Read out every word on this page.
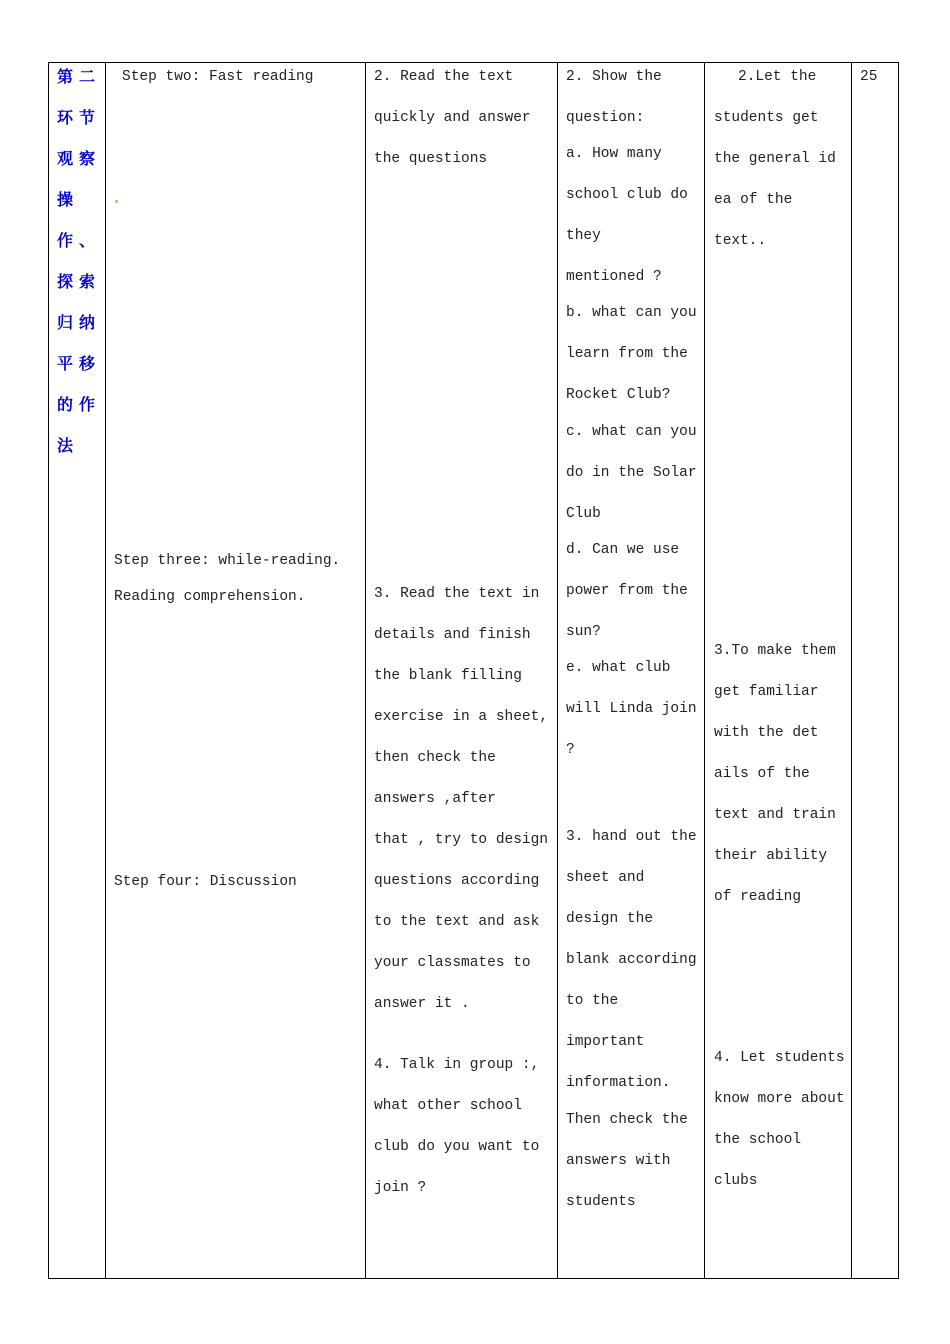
第二
环节
观察
操
作、
探索
归纳
平移
的作
法
Step two: Fast reading
Step three: while-reading.
Reading comprehension.
Step four: Discussion
2. Read the text
quickly and answer
the questions
3. Read the text in
details and finish
the blank filling
exercise in a sheet,
then check the
answers ,after
that , try to design
questions according
to the text and ask
your classmates to
answer it .
4. Talk in group :,
what other school
club do you want to
join ?
2. Show the
question:
a. How many
school club do
they
mentioned ?
b. what can you
learn from the
Rocket Club?
c. what can you
do in the Solar
Club
d. Can we use
power from the
sun?
e. what club
will Linda join
?
3. hand out the
sheet and
design the
blank according
to the
important
information.
Then check the
answers with
students
2.Let the
students get
the general id
ea of the
text..
3.To make them
get familiar
with the det
ails of the
text and train
their ability
of reading
4. Let students
know more about
the school
clubs
25
